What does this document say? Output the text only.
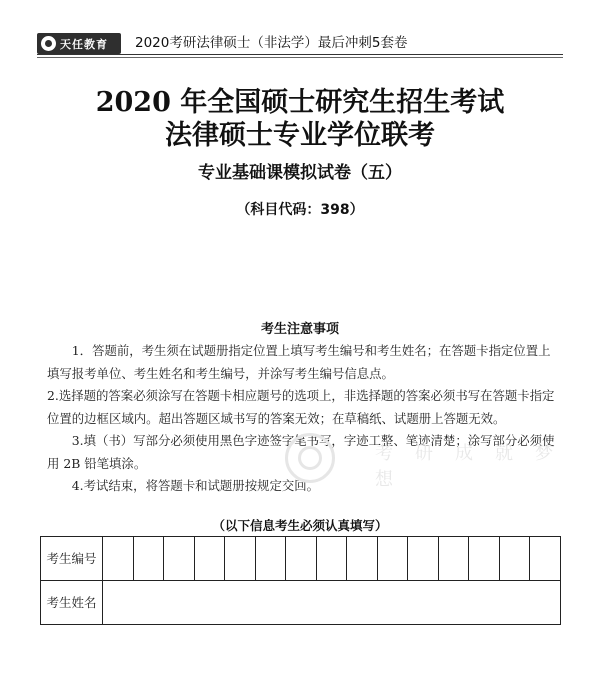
天任教育 2020考研法律硕士（非法学）最后冲刺5套卷
2020 年全国硕士研究生招生考试
法律硕士专业学位联考
专业基础课模拟试卷（五）
（科目代码：398）
考生注意事项

1．答题前，考生须在试题册指定位置上填写考生编号和考生姓名；在答题卡指定位置上填写报考单位、考生姓名和考生编号，并涂写考生编号信息点。

2.选择题的答案必须涂写在答题卡相应题号的选项上，非选择题的答案必须书写在答题卡指定位置的边框区域内。超出答题区域书写的答案无效；在草稿纸、试题册上答题无效。

3.填（书）写部分必须使用黑色字迹签字笔书写，字迹工整、笔迹清楚；涂写部分必须使用 2B 铅笔填涂。

4.考试结束，将答题卡和试题册按规定交回。

考研成就梦想
（以下信息考生必须认真填写）
考生编号															
考生姓名															
